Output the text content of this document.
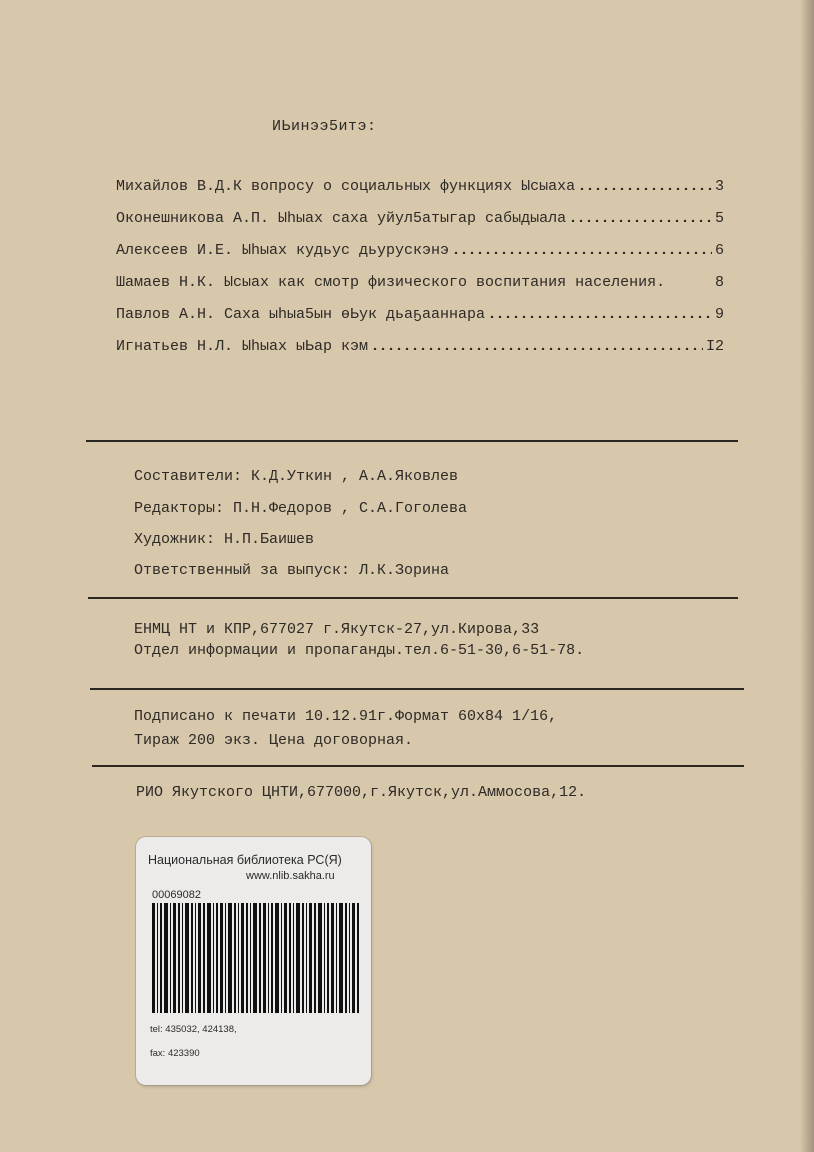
ИЬинээ5итэ:
Михайлов В.Д.К вопросу о социальных функциях Ысыаха	3
Оконешникова А.П. Ыһыах саха уйул5атыгар сабыдыала	5
Алексеев И.Е. Ыһыах кудьус дьурускэнэ	6
Шамаев Н.К. Ысыах как смотр физического воспитания населения.	8
Павлов А.Н. Саха ыһыа5ын өЬук дьаҕааннара	9
Игнатьев Н.Л. Ыһыах ыЬар кэм	I2
Составители: К.Д.Уткин , А.А.Яковлев
Редакторы: П.Н.Федоров , С.А.Гоголева
Художник: Н.П.Баишев
Ответственный за выпуск: Л.К.Зорина
ЕНМЦ НТ и КПР,677027 г.Якутск-27,ул.Кирова,33
Отдел информации и пропаганды.тел.6-51-30,6-51-78.
Подписано к печати 10.12.91г.Формат 60х84 1/16,
Тираж 200 экз. Цена договорная.
РИО Якутского ЦНТИ,677000,г.Якутск,ул.Аммосова,12.
Национальная библиотека РС(Я)
www.nlib.sakha.ru
00069082
tel: 435032, 424138,
fax: 423390
